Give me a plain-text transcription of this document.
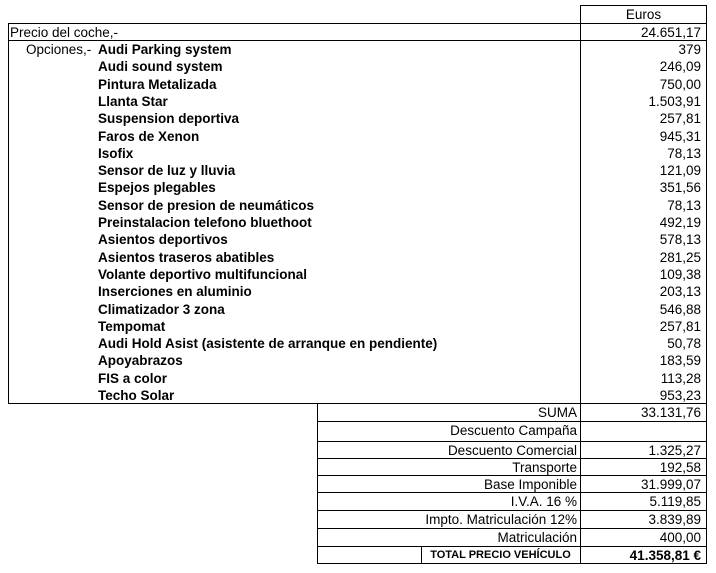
Euros
Precio del coche,-	24.651,17
Opciones,- Audi Parking system	379
Audi sound system	246,09
Pintura Metalizada	750,00
Llanta Star	1.503,91
Suspension deportiva	257,81
Faros de Xenon	945,31
Isofix	78,13
Sensor de luz y lluvia	121,09
Espejos plegables	351,56
Sensor de presion de neumáticos	78,13
Preinstalacion telefono bluethoot	492,19
Asientos deportivos	578,13
Asientos traseros abatibles	281,25
Volante deportivo multifuncional	109,38
Inserciones en aluminio	203,13
Climatizador 3 zona	546,88
Tempomat	257,81
Audi Hold Asist (asistente de arranque en pendiente)	50,78
Apoyabrazos	183,59
FIS a color	113,28
Techo Solar	953,23
SUMA	33.131,76
Descuento Campaña
Descuento Comercial	1.325,27
Transporte	192,58
Base Imponible	31.999,07
I.V.A. 16 %	5.119,85
Impto. Matriculación 12%	3.839,89
Matriculación	400,00
TOTAL PRECIO VEHÍCULO	41.358,81 €
